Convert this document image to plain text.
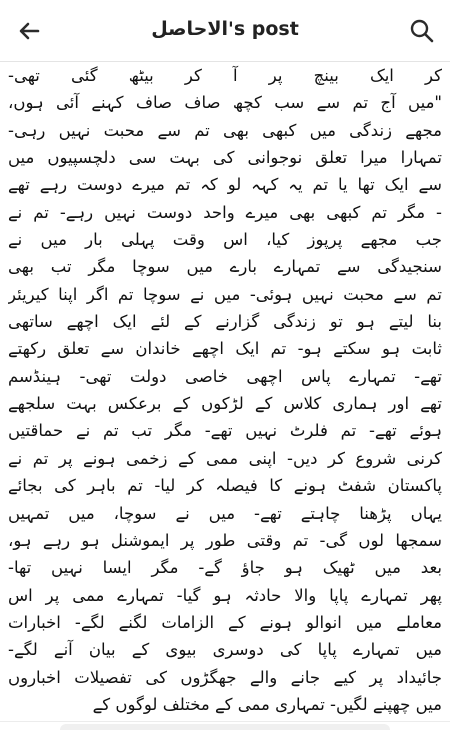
الاحاصل's post
کر ایک بینچ پر آ کر بیٹھ گئی تھی-
"میں آج تم سے سب کچھ صاف صاف کہنے آئی ہوں،
مجھے زندگی میں کبھی بھی تم سے محبت نہیں رہی-
تمہارا میرا تعلق نوجوانی کی بہت سی دلچسپیوں میں
سے ایک تھا یا تم یہ کہہ لو کہ تم میرے دوست رہے تھے
- مگر تم کبھی بھی میرے واحد دوست نہیں رہے- تم نے
جب مجھے پرپوز کیا، اس وقت پہلی بار میں نے
سنجیدگی سے تمہارے بارے میں سوچا مگر تب بھی
تم سے محبت نہیں ہوئی- میں نے سوچا تم اگر اپنا کیریئر
بنا لیتے ہو تو زندگی گزارنے کے لئے ایک اچھے ساتھی
ثابت ہو سکتے ہو- تم ایک اچھے خاندان سے تعلق رکھتے
تھے- تمہارے پاس اچھی خاصی دولت تھی- ہینڈسم
تھے اور ہماری کلاس کے لڑکوں کے برعکس بہت سلجھے
ہوئے تھے- تم فلرٹ نہیں تھے- مگر تب تم نے حماقتیں
کرنی شروع کر دیں- اپنی ممی کے زخمی ہونے پر تم نے
پاکستان شفٹ ہونے کا فیصلہ کر لیا- تم باہر کی بجائے
یہاں پڑھنا چاہتے تھے- میں نے سوچا، میں تمہیں
سمجھا لوں گی- تم وقتی طور پر ایموشنل ہو رہے ہو،
بعد میں ٹھیک ہو جاؤ گے- مگر ایسا نہیں تھا-
پھر تمہارے پاپا والا حادثہ ہو گیا- تمہارے ممی پر اس
معاملے میں انوالو ہونے کے الزامات لگنے لگے- اخبارات
میں تمہارے پاپا کی دوسری بیوی کے بیان آنے لگے-
جائیداد پر کیے جانے والے جھگڑوں کی تفصیلات اخباروں
میں چھپنے لگیں- تمہاری ممی کے مختلف لوگوں کے
